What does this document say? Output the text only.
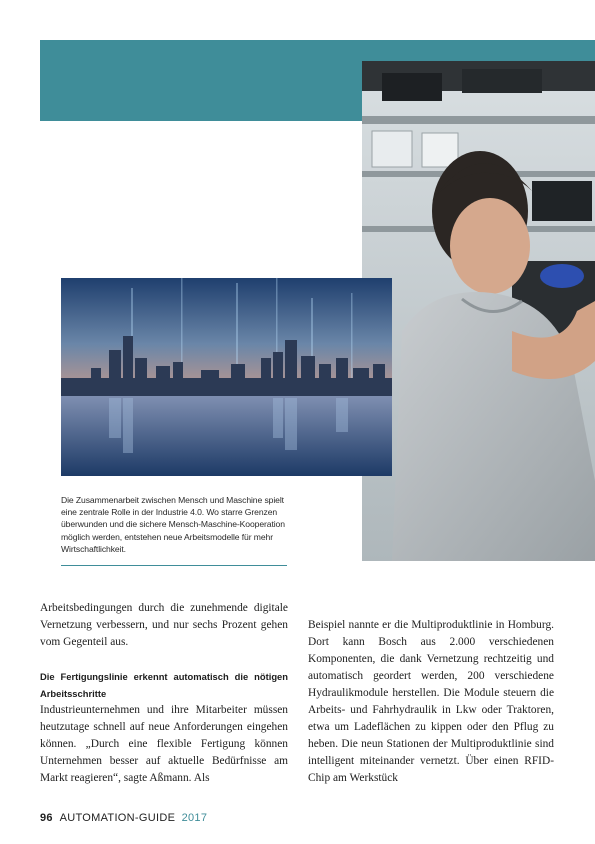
Die Zusammenarbeit zwischen Mensch und Maschine spielt eine zentrale Rolle in der Industrie 4.0. Wo starre Grenzen überwunden und die sichere Mensch-Maschine-Kooperation möglich werden, entstehen neue Arbeitsmodelle für mehr Wirtschaftlichkeit.

Arbeitsbedingungen durch die zunehmende digitale Vernetzung verbessern, und nur sechs Prozent gehen vom Gegenteil aus.

Die Fertigungslinie erkennt automatisch die nötigen Arbeitsschritte

Industrieunternehmen und ihre Mitarbeiter müssen heutzutage schnell auf neue Anforderungen eingehen können. „Durch eine flexible Fertigung können Unternehmen besser auf aktuelle Bedürfnisse am Markt reagieren“, sagte Aßmann. Als

Beispiel nannte er die Multiproduktlinie in Homburg. Dort kann Bosch aus 2.000 verschiedenen Komponenten, die dank Vernetzung rechtzeitig und automatisch geordert werden, 200 verschiedene Hydraulikmodule herstellen. Die Module steuern die Arbeits- und Fahrhydraulik in Lkw oder Traktoren, etwa um Ladeflächen zu kippen oder den Pflug zu heben. Die neun Stationen der Multiproduktlinie sind intelligent miteinander vernetzt. Über einen RFID-Chip am Werkstück

96 AUTOMATION-GUIDE 2017
